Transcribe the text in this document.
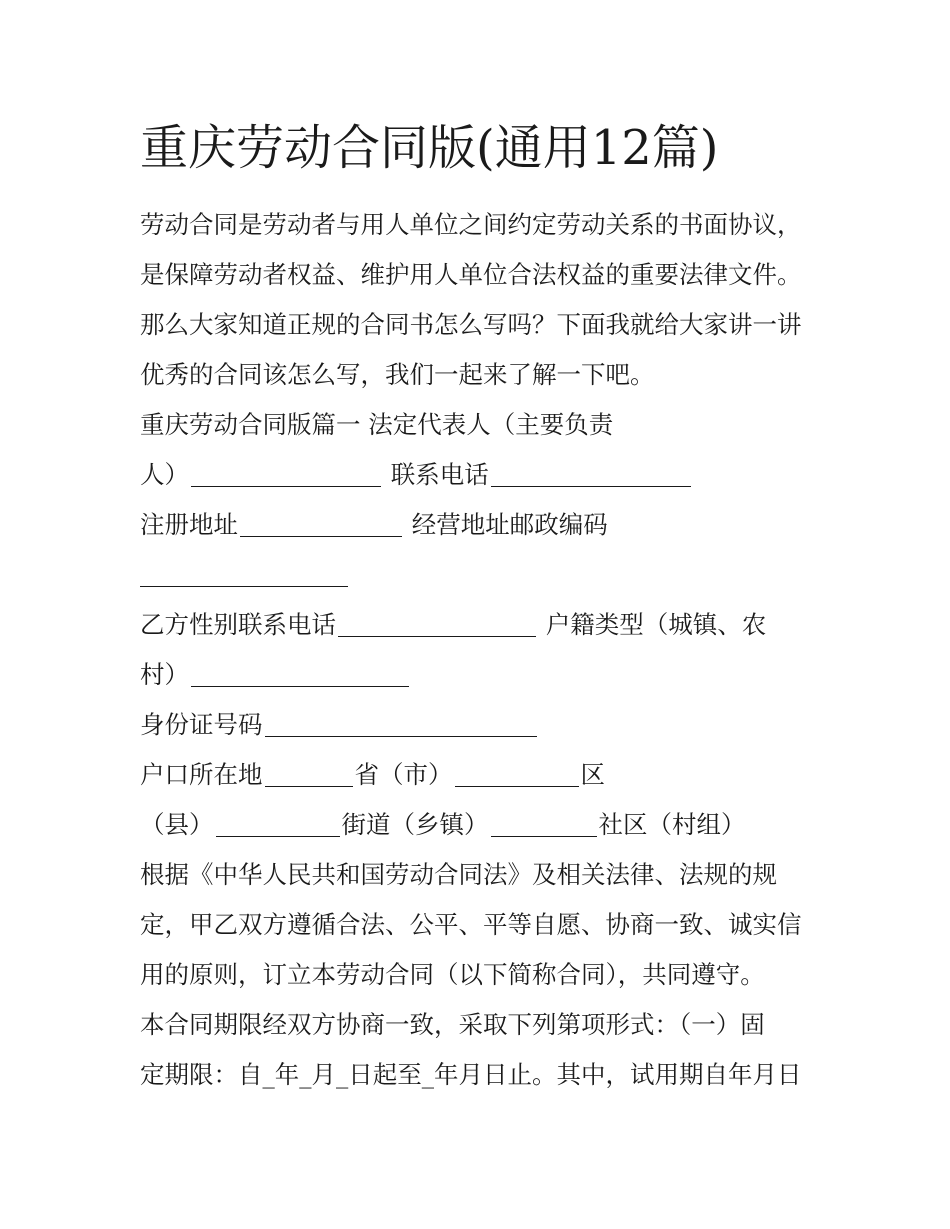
重庆劳动合同版(通用12篇)
劳动合同是劳动者与用人单位之间约定劳动关系的书面协议，
是保障劳动者权益、维护用人单位合法权益的重要法律文件。
那么大家知道正规的合同书怎么写吗？下面我就给大家讲一讲
优秀的合同该怎么写，我们一起来了解一下吧。
重庆劳动合同版篇一 法定代表人（主要负责
人）	联系电话
注册地址	经营地址邮政编码
乙方性别联系电话	户籍类型（城镇、农
村）
身份证号码
户口所在地	省（市）	区
（县）	街道（乡镇）	社区（村组）
根据《中华人民共和国劳动合同法》及相关法律、法规的规
定，甲乙双方遵循合法、公平、平等自愿、协商一致、诚实信
用的原则，订立本劳动合同（以下简称合同），共同遵守。
本合同期限经双方协商一致，采取下列第项形式：（一）固
定期限：自_年_月_日起至_年月日止。其中，试用期自年月日
